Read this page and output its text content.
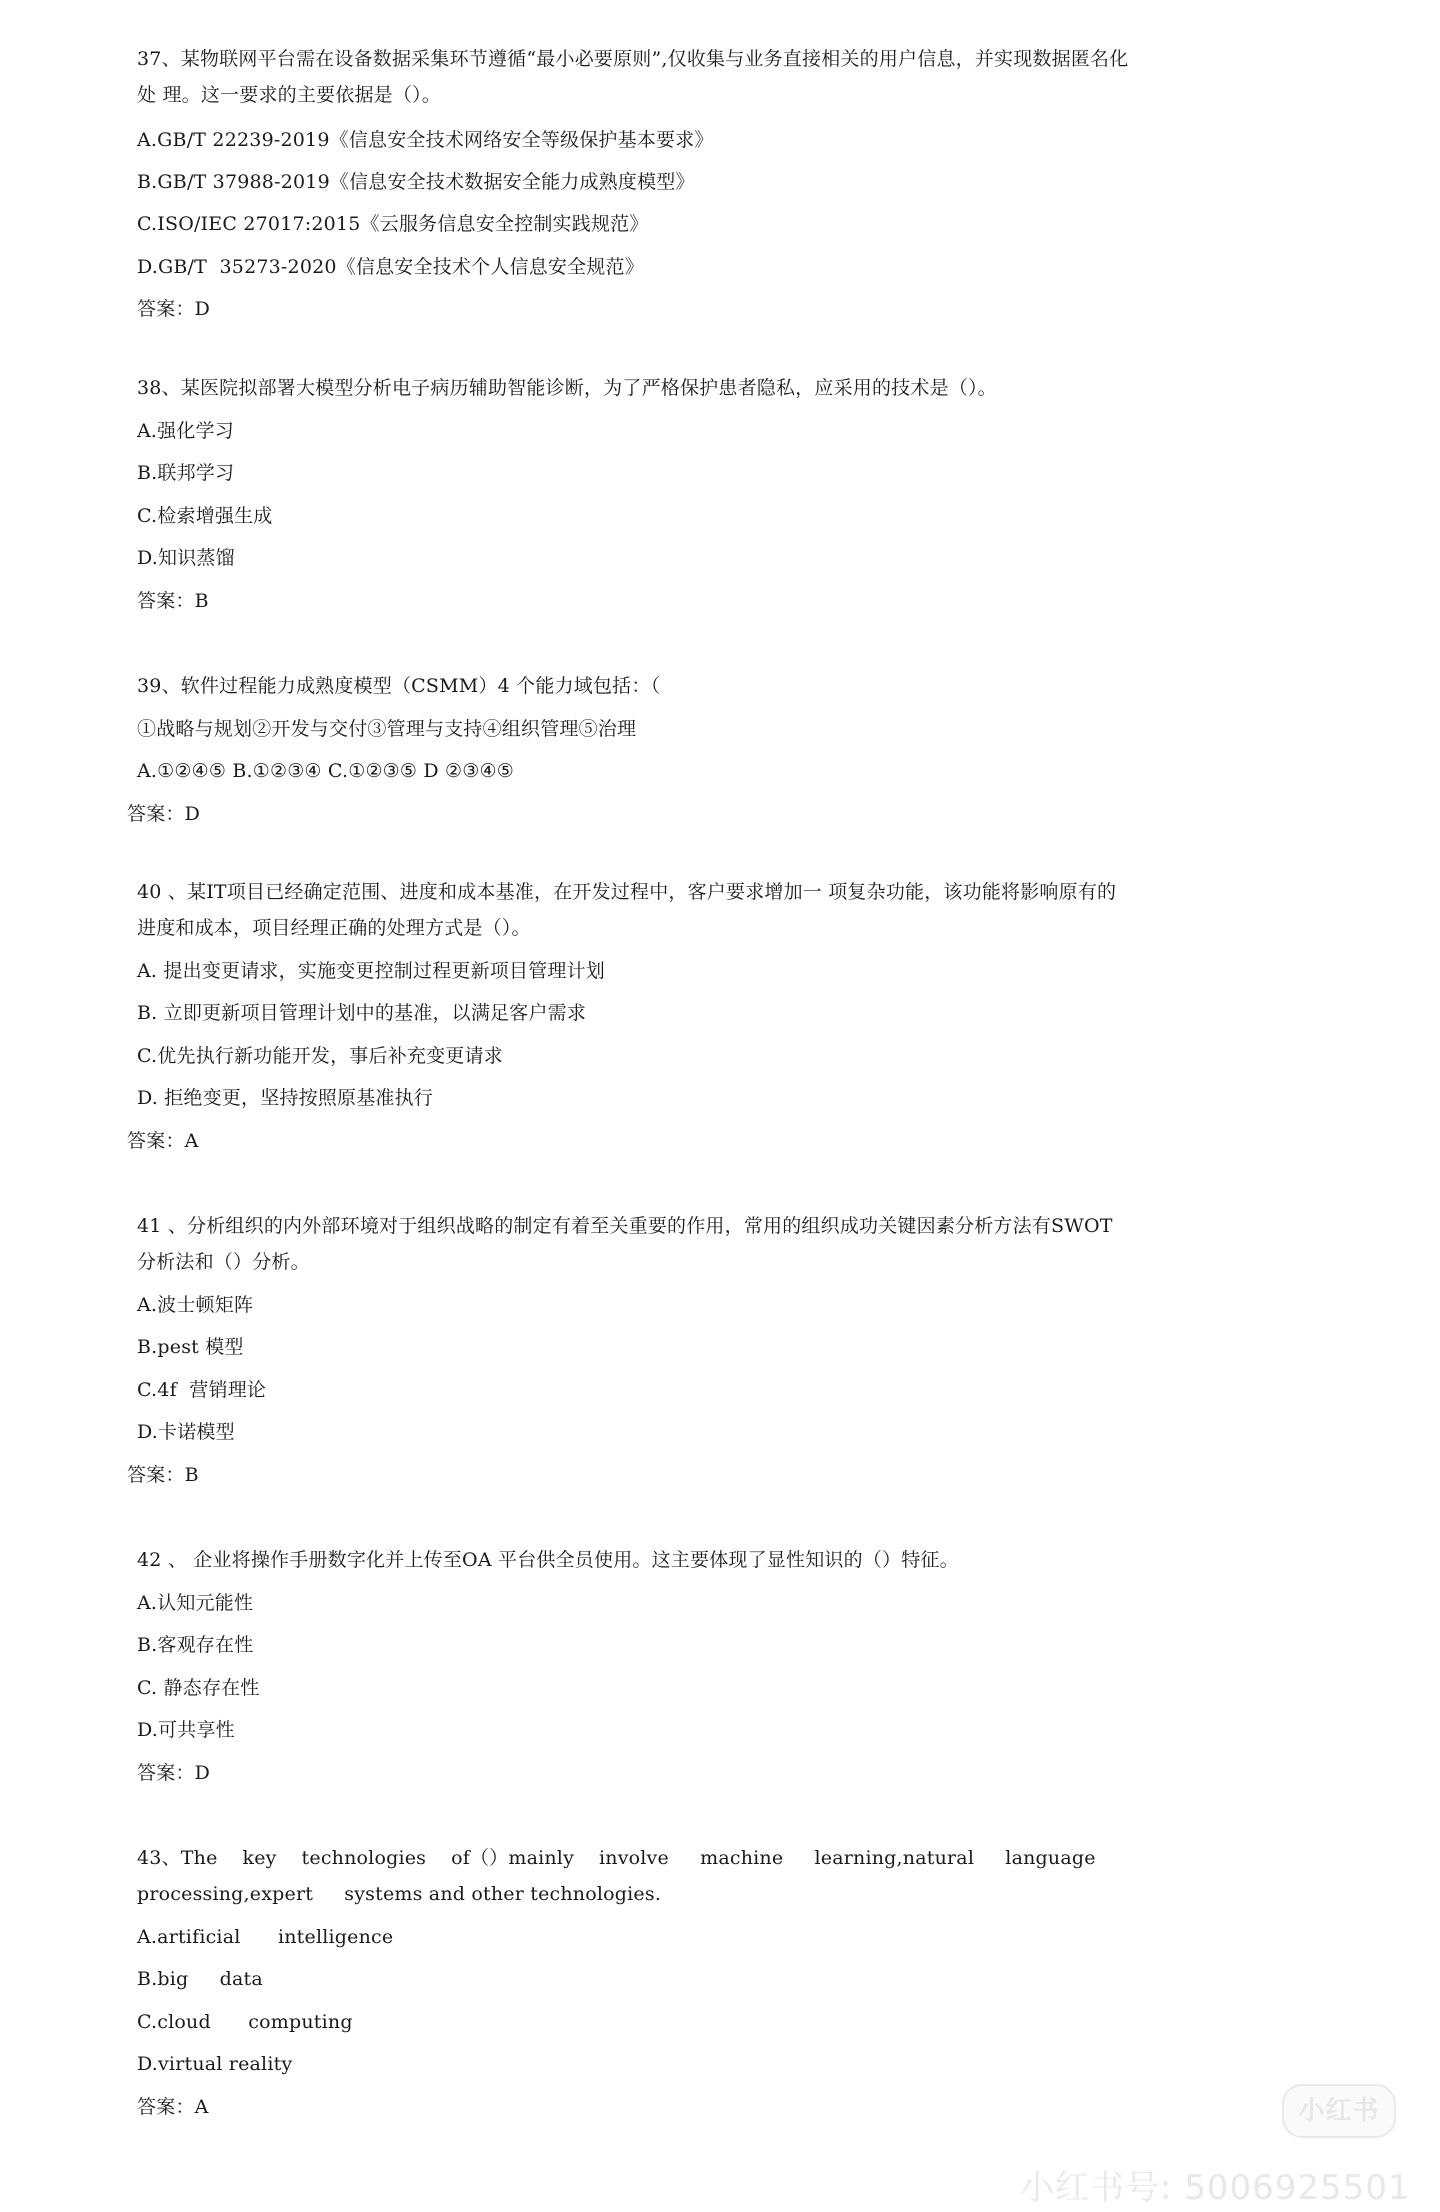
37、某物联网平台需在设备数据采集环节遵循“最小必要原则”,仅收集与业务直接相关的用户信息，并实现数据匿名化
处 理。这一要求的主要依据是（）。
A.GB/T 22239-2019《信息安全技术网络安全等级保护基本要求》
B.GB/T 37988-2019《信息安全技术数据安全能力成熟度模型》
C.ISO/IEC 27017:2015《云服务信息安全控制实践规范》
D.GB/T  35273-2020《信息安全技术个人信息安全规范》
答案：D
38、某医院拟部署大模型分析电子病历辅助智能诊断，为了严格保护患者隐私，应采用的技术是（）。
A.强化学习
B.联邦学习
C.检索增强生成
D.知识蒸馏
答案：B
39、软件过程能力成熟度模型（CSMM）4 个能力域包括：（
①战略与规划②开发与交付③管理与支持④组织管理⑤治理
A.①②④⑤ B.①②③④ C.①②③⑤ D ②③④⑤
答案：D
40 、某IT项目已经确定范围、进度和成本基准，在开发过程中，客户要求增加一 项复杂功能，该功能将影响原有的
进度和成本，项目经理正确的处理方式是（）。
A. 提出变更请求，实施变更控制过程更新项目管理计划
B. 立即更新项目管理计划中的基准，以满足客户需求
C.优先执行新功能开发，事后补充变更请求
D. 拒绝变更，坚持按照原基准执行
答案：A
41 、分析组织的内外部环境对于组织战略的制定有着至关重要的作用，常用的组织成功关键因素分析方法有SWOT
分析法和（）分析。
A.波士顿矩阵
B.pest 模型
C.4f  营销理论
D.卡诺模型
答案：B
42 、 企业将操作手册数字化并上传至OA 平台供全员使用。这主要体现了显性知识的（）特征。
A.认知元能性
B.客观存在性
C. 静态存在性
D.可共享性
答案：D
43、The    key    technologies    of（）mainly    involve     machine     learning,natural     language
processing,expert     systems and other technologies.
A.artificial      intelligence
B.big     data
C.cloud      computing
D.virtual reality
答案：A	小红书
小红书号: 5006925501
